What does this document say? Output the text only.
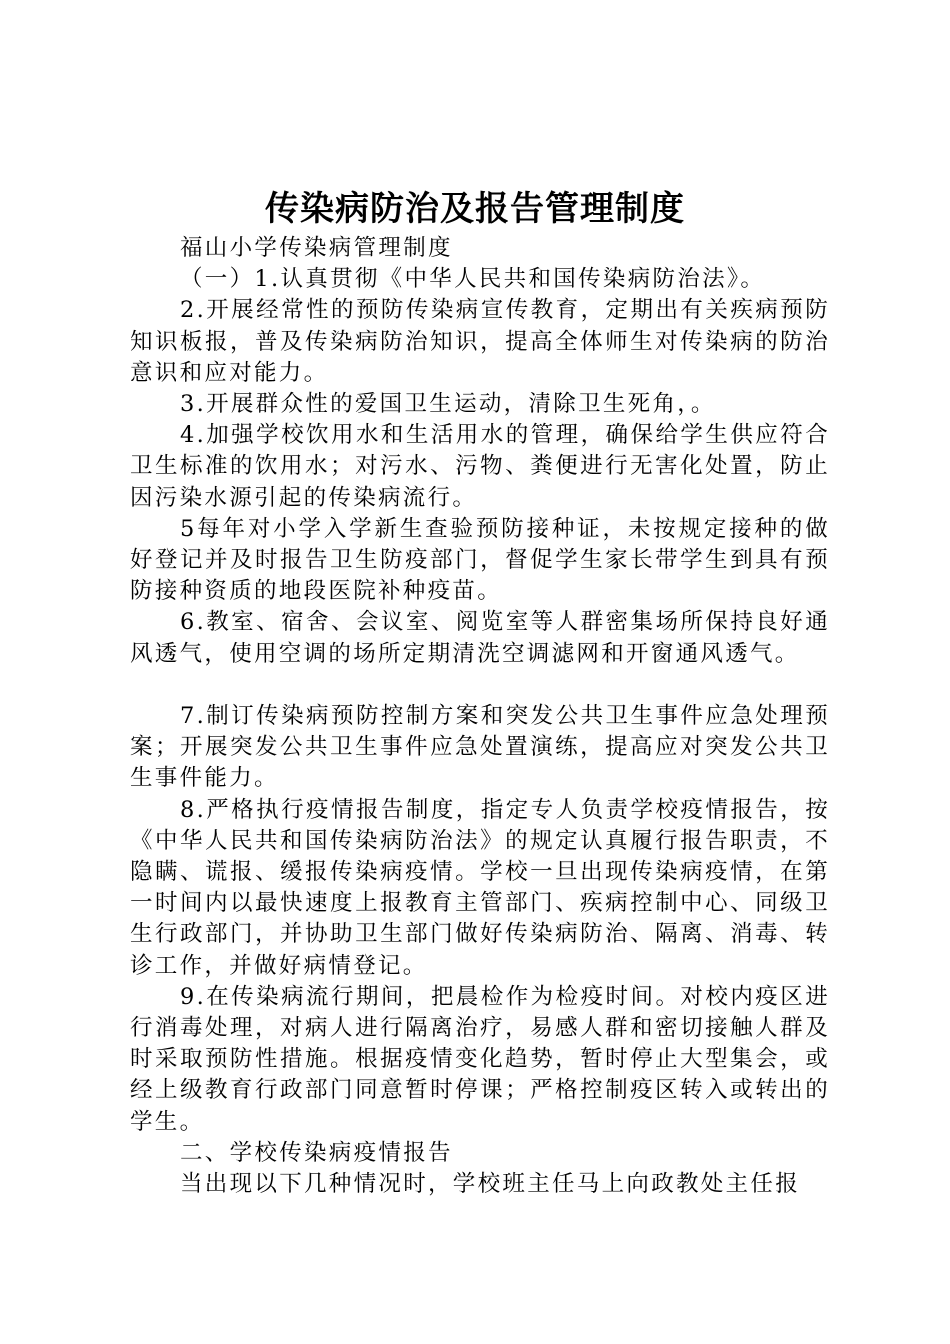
传染病防治及报告管理制度

福山小学传染病管理制度

（一）1.认真贯彻《中华人民共和国传染病防治法》。

2.开展经常性的预防传染病宣传教育，定期出有关疾病预防知识板报，普及传染病防治知识，提高全体师生对传染病的防治意识和应对能力。

3.开展群众性的爱国卫生运动，清除卫生死角，。

4.加强学校饮用水和生活用水的管理，确保给学生供应符合卫生标准的饮用水；对污水、污物、粪便进行无害化处置，防止因污染水源引起的传染病流行。

5每年对小学入学新生查验预防接种证，未按规定接种的做好登记并及时报告卫生防疫部门，督促学生家长带学生到具有预防接种资质的地段医院补种疫苗。

6.教室、宿舍、会议室、阅览室等人群密集场所保持良好通风透气，使用空调的场所定期清洗空调滤网和开窗通风透气。

7.制订传染病预防控制方案和突发公共卫生事件应急处理预案；开展突发公共卫生事件应急处置演练，提高应对突发公共卫生事件能力。

8.严格执行疫情报告制度，指定专人负责学校疫情报告，按《中华人民共和国传染病防治法》的规定认真履行报告职责，不隐瞒、谎报、缓报传染病疫情。学校一旦出现传染病疫情，在第一时间内以最快速度上报教育主管部门、疾病控制中心、同级卫生行政部门，并协助卫生部门做好传染病防治、隔离、消毒、转诊工作，并做好病情登记。

9.在传染病流行期间，把晨检作为检疫时间。对校内疫区进行消毒处理，对病人进行隔离治疗，易感人群和密切接触人群及时采取预防性措施。根据疫情变化趋势，暂时停止大型集会，或经上级教育行政部门同意暂时停课；严格控制疫区转入或转出的学生。

二、学校传染病疫情报告

当出现以下几种情况时，学校班主任马上向政教处主任报
